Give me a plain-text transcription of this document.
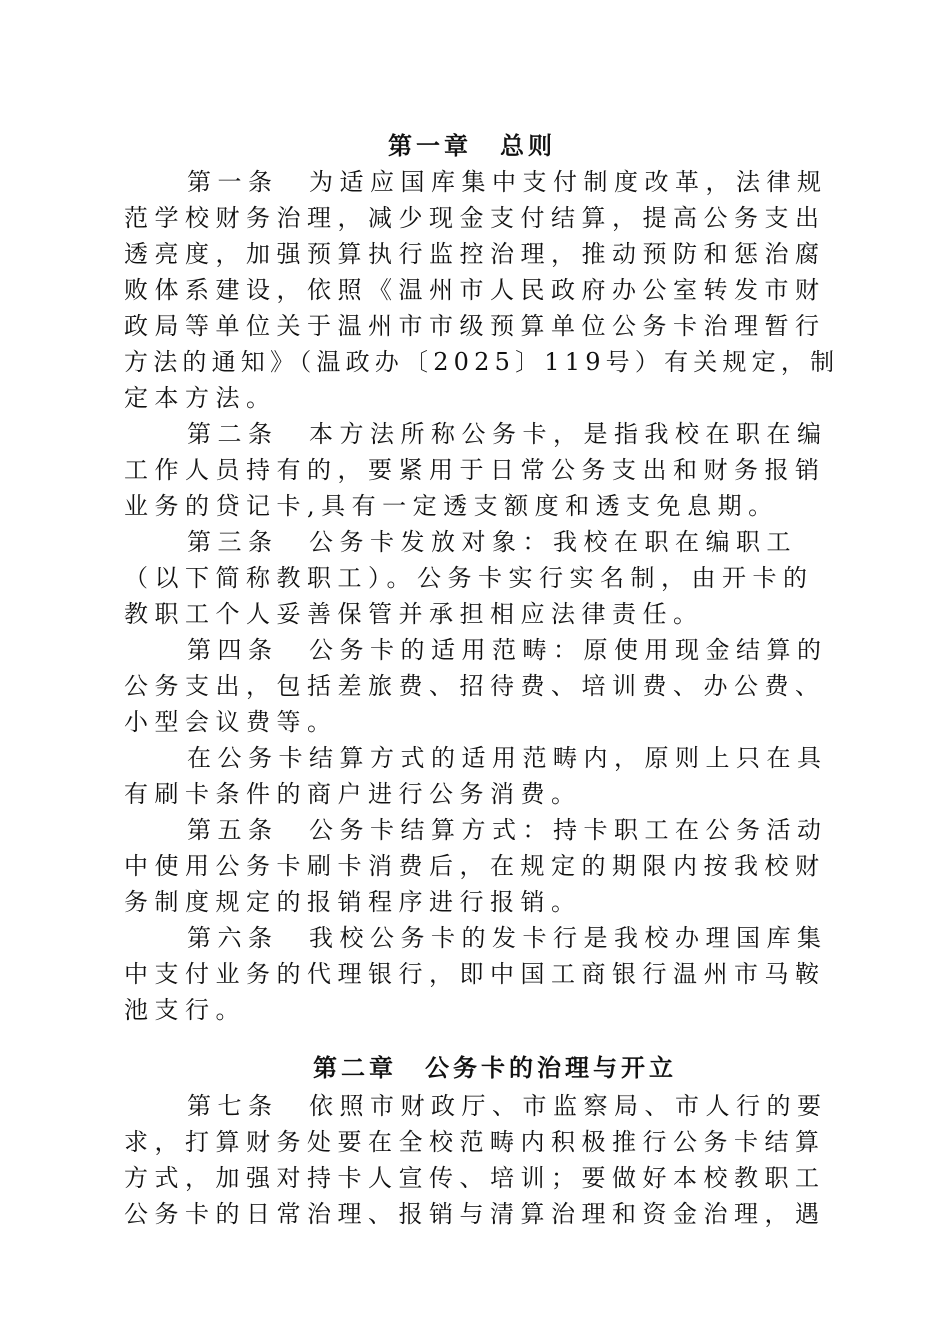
第一章　总则
第一条　为适应国库集中支付制度改革，法律规
范学校财务治理，减少现金支付结算，提高公务支出
透亮度，加强预算执行监控治理，推动预防和惩治腐
败体系建设，依照《温州市人民政府办公室转发市财
政局等单位关于温州市市级预算单位公务卡治理暂行
方法的通知》（温政办〔2025〕119号）有关规定，制
定本方法。
第二条　本方法所称公务卡，是指我校在职在编
工作人员持有的，要紧用于日常公务支出和财务报销
业务的贷记卡,具有一定透支额度和透支免息期。
第三条　公务卡发放对象：我校在职在编职工
（以下简称教职工）。公务卡实行实名制，由开卡的
教职工个人妥善保管并承担相应法律责任。
第四条　公务卡的适用范畴：原使用现金结算的
公务支出，包括差旅费、招待费、培训费、办公费、
小型会议费等。
在公务卡结算方式的适用范畴内，原则上只在具
有刷卡条件的商户进行公务消费。
第五条　公务卡结算方式：持卡职工在公务活动
中使用公务卡刷卡消费后，在规定的期限内按我校财
务制度规定的报销程序进行报销。
第六条　我校公务卡的发卡行是我校办理国库集
中支付业务的代理银行，即中国工商银行温州市马鞍
池支行。
第二章　公务卡的治理与开立
第七条　依照市财政厅、市监察局、市人行的要
求，打算财务处要在全校范畴内积极推行公务卡结算
方式，加强对持卡人宣传、培训；要做好本校教职工
公务卡的日常治理、报销与清算治理和资金治理，遇
